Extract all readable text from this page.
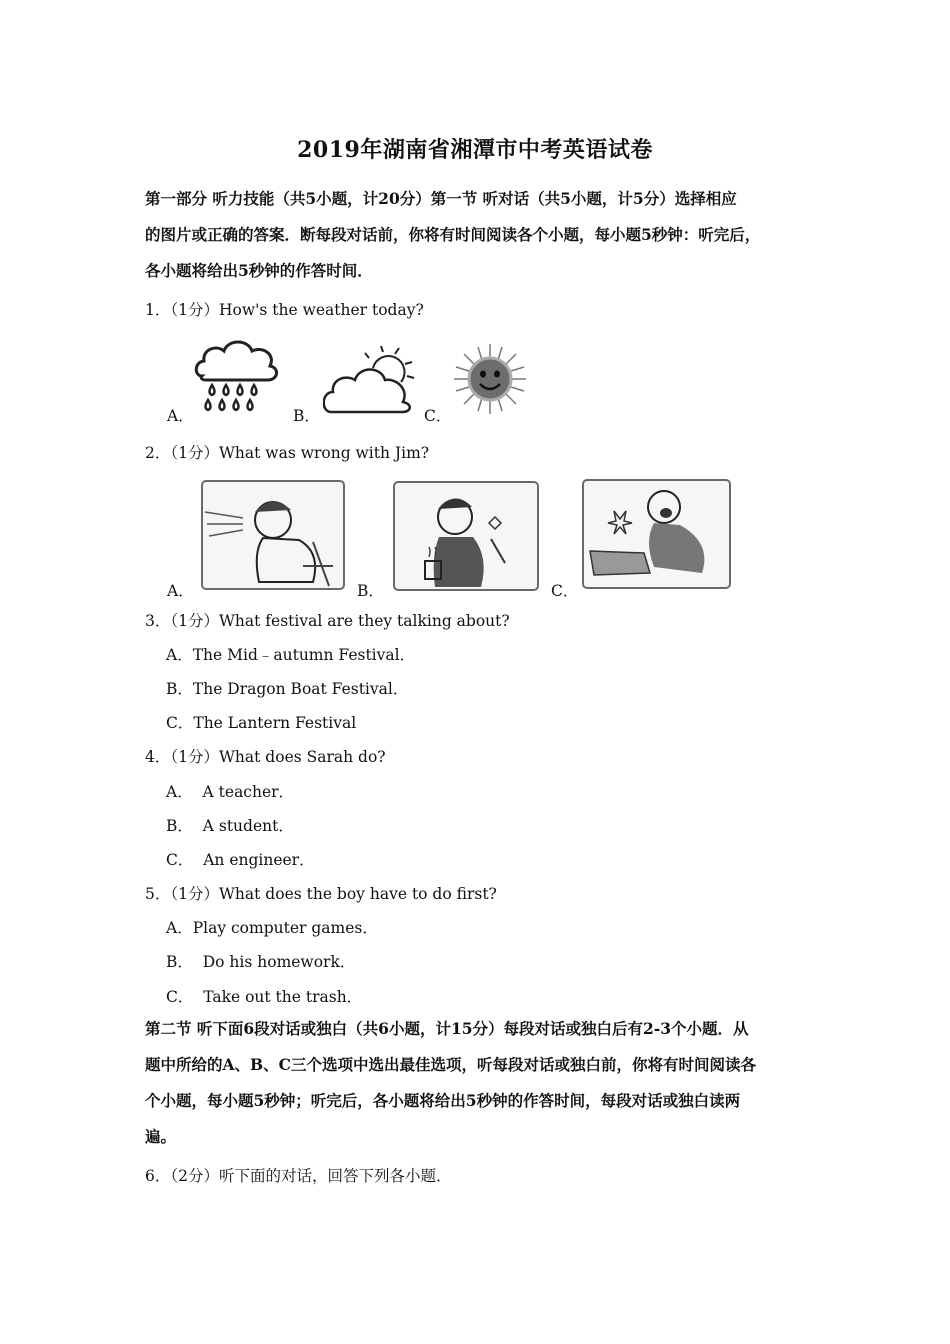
2019年湖南省湘潭市中考英语试卷
第一部分 听力技能（共5小题，计20分）第一节 听对话（共5小题，计5分）选择相应
的图片或正确的答案．断每段对话前，你将有时间阅读各个小题，每小题5秒钟：听完后，
各小题将给出5秒钟的作答时间．
1．（1分）How's the weather today?
A．	B．	C．
2．（1分）What was wrong with Jim?
A．	B．	C．
3．（1分）What festival are they talking about?
A．The Mid﹣autumn Festival．
B．The Dragon Boat Festival．
C．The Lantern Festival
4．（1分）What does Sarah do?
A．  A teacher．
B．  A student．
C．  An engineer．
5．（1分）What does the boy have to do first?
A．Play computer games．
B．  Do his homework．
C．  Take out the trash．
第二节 听下面6段对话或独白（共6小题，计15分）每段对话或独白后有2-3个小题．从
题中所给的A、B、C三个选项中选出最佳选项，听每段对话或独白前，你将有时间阅读各
个小题，每小题5秒钟；听完后，各小题将给出5秒钟的作答时间，每段对话或独白读两
遍。
6．（2分）听下面的对话，回答下列各小题．
